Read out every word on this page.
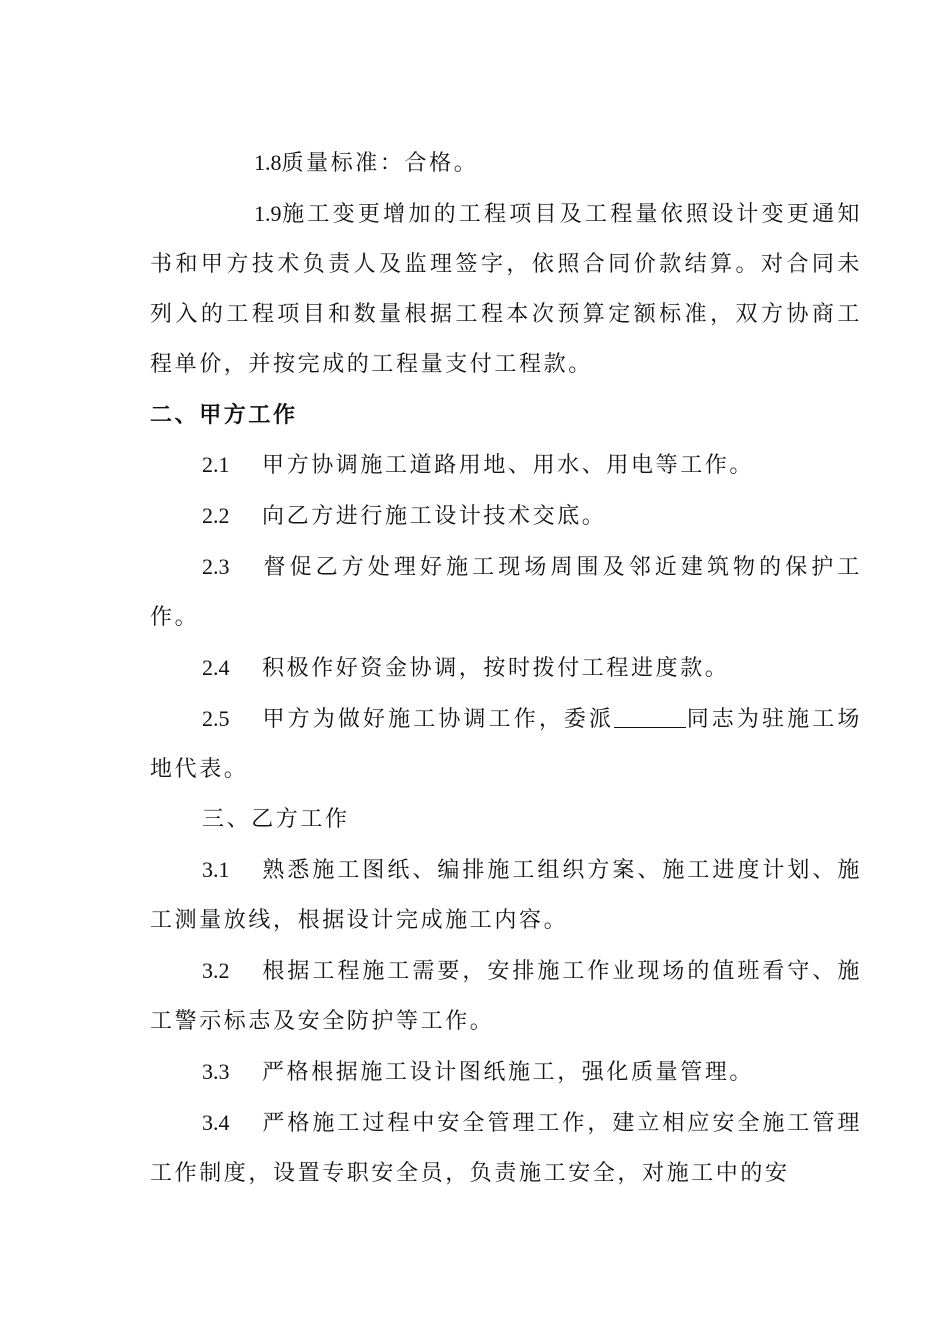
1.8质量标准：合格。

1.9施工变更增加的工程项目及工程量依照设计变更通知书和甲方技术负责人及监理签字，依照合同价款结算。对合同未列入的工程项目和数量根据工程本次预算定额标准，双方协商工程单价，并按完成的工程量支付工程款。

二、甲方工作

2.1 甲方协调施工道路用地、用水、用电等工作。

2.2 向乙方进行施工设计技术交底。

2.3 督促乙方处理好施工现场周围及邻近建筑物的保护工作。

2.4 积极作好资金协调，按时拨付工程进度款。

2.5 甲方为做好施工协调工作，委派	同志为驻施工场地代表。

三、乙方工作

3.1 熟悉施工图纸、编排施工组织方案、施工进度计划、施工测量放线，根据设计完成施工内容。

3.2 根据工程施工需要，安排施工作业现场的值班看守、施工警示标志及安全防护等工作。

3.3 严格根据施工设计图纸施工，强化质量管理。

3.4 严格施工过程中安全管理工作，建立相应安全施工管理工作制度，设置专职安全员，负责施工安全，对施工中的安
